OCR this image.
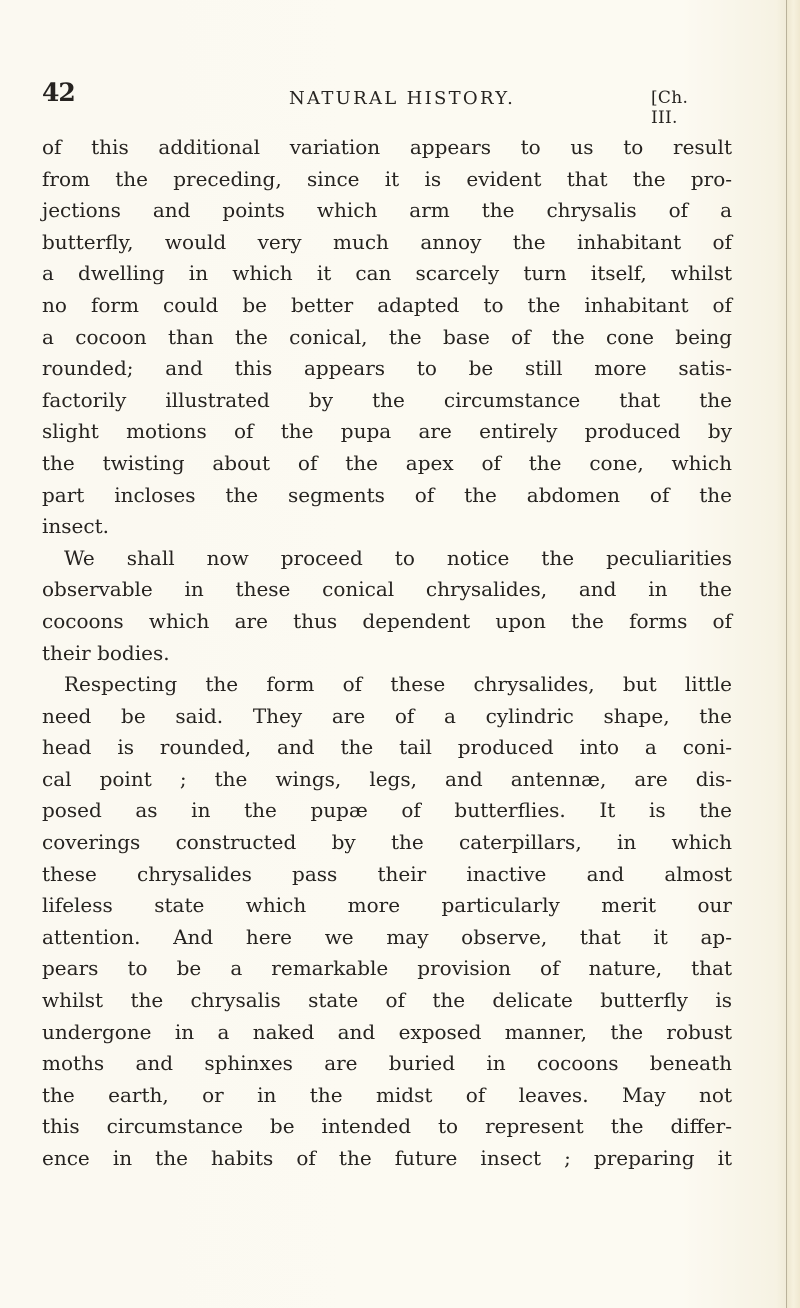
42	NATURAL HISTORY.	[Ch. III.
of this additional variation appears to us to result
from the preceding, since it is evident that the pro-
jections and points which arm the chrysalis of a
butterfly, would very much annoy the inhabitant of
a dwelling in which it can scarcely turn itself, whilst
no form could be better adapted to the inhabitant of
a cocoon than the conical, the base of the cone being
rounded; and this appears to be still more satis-
factorily illustrated by the circumstance that the
slight motions of the pupa are entirely produced by
the twisting about of the apex of the cone, which
part incloses the segments of the abdomen of the
insect.
We shall now proceed to notice the peculiarities
observable in these conical chrysalides, and in the
cocoons which are thus dependent upon the forms of
their bodies.
Respecting the form of these chrysalides, but little
need be said. They are of a cylindric shape, the
head is rounded, and the tail produced into a coni-
cal point ; the wings, legs, and antennæ, are dis-
posed as in the pupæ of butterflies. It is the
coverings constructed by the caterpillars, in which
these chrysalides pass their inactive and almost
lifeless state which more particularly merit our
attention. And here we may observe, that it ap-
pears to be a remarkable provision of nature, that
whilst the chrysalis state of the delicate butterfly is
undergone in a naked and exposed manner, the robust
moths and sphinxes are buried in cocoons beneath
the earth, or in the midst of leaves. May not
this circumstance be intended to represent the differ-
ence in the habits of the future insect ; preparing it
